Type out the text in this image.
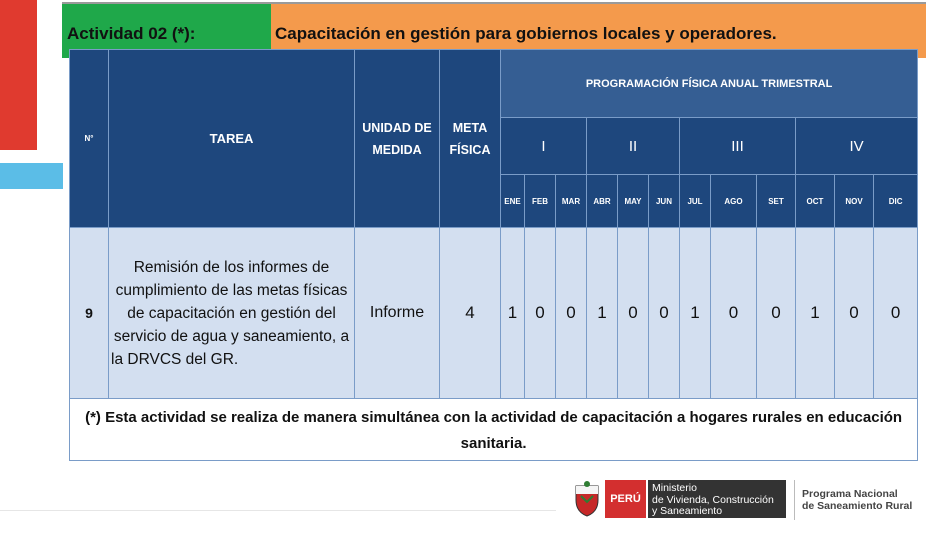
Actividad 02 (*):	Capacitación en gestión para gobiernos locales y operadores.
N°	TAREA	UNIDAD DE MEDIDA	META FÍSICA	PROGRAMACIÓN FÍSICA ANUAL TRIMESTRAL											
				I			II			III			IV		
				ENE	FEB	MAR	ABR	MAY	JUN	JUL	AGO	SET	OCT	NOV	DIC
9	Remisión de los informes de cumplimiento de las metas físicas de capacitación en gestión del servicio de agua y saneamiento, a la DRVCS del GR.	Informe	4	1	0	0	1	0	0	1	0	0	1	0	0
(*) Esta actividad se realiza de manera simultánea con la actividad de capacitación a hogares rurales en educación sanitaria.															
PERÚ
Ministerio
de Vivienda, Construcción
y Saneamiento
Programa Nacional
de Saneamiento Rural
